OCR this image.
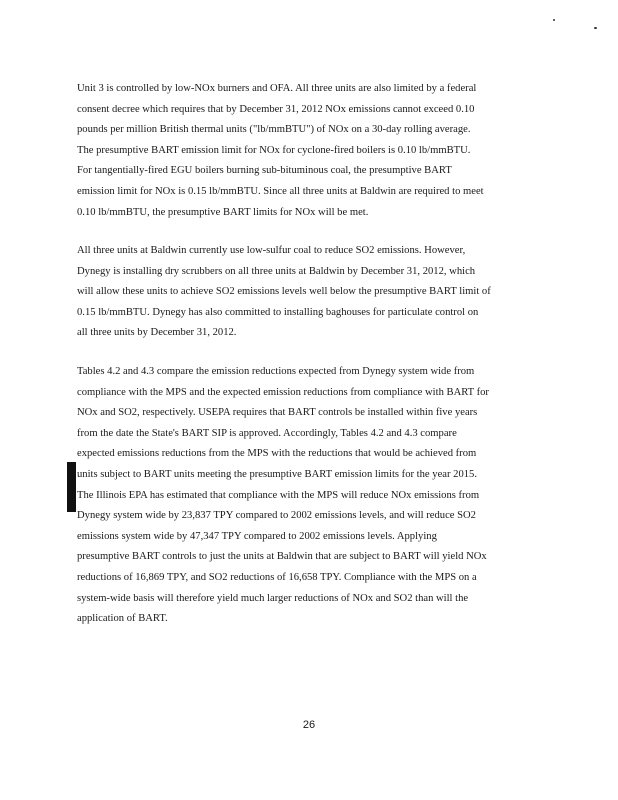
Unit 3 is controlled by low-NOx burners and OFA. All three units are also limited by a federal
consent decree which requires that by December 31, 2012 NOx emissions cannot exceed 0.10
pounds per million British thermal units ("lb/mmBTU") of NOx on a 30-day rolling average.
The presumptive BART emission limit for NOx for cyclone-fired boilers is 0.10 lb/mmBTU.
For tangentially-fired EGU boilers burning sub-bituminous coal, the presumptive BART
emission limit for NOx is 0.15 lb/mmBTU. Since all three units at Baldwin are required to meet
0.10 lb/mmBTU, the presumptive BART limits for NOx will be met.

All three units at Baldwin currently use low-sulfur coal to reduce SO2 emissions. However,
Dynegy is installing dry scrubbers on all three units at Baldwin by December 31, 2012, which
will allow these units to achieve SO2 emissions levels well below the presumptive BART limit of
0.15 lb/mmBTU. Dynegy has also committed to installing baghouses for particulate control on
all three units by December 31, 2012.

Tables 4.2 and 4.3 compare the emission reductions expected from Dynegy system wide from
compliance with the MPS and the expected emission reductions from compliance with BART for
NOx and SO2, respectively. USEPA requires that BART controls be installed within five years
from the date the State's BART SIP is approved. Accordingly, Tables 4.2 and 4.3 compare
expected emissions reductions from the MPS with the reductions that would be achieved from
units subject to BART units meeting the presumptive BART emission limits for the year 2015.
The Illinois EPA has estimated that compliance with the MPS will reduce NOx emissions from
Dynegy system wide by 23,837 TPY compared to 2002 emissions levels, and will reduce SO2
emissions system wide by 47,347 TPY compared to 2002 emissions levels. Applying
presumptive BART controls to just the units at Baldwin that are subject to BART will yield NOx
reductions of 16,869 TPY, and SO2 reductions of 16,658 TPY. Compliance with the MPS on a
system-wide basis will therefore yield much larger reductions of NOx and SO2 than will the
application of BART.

26
